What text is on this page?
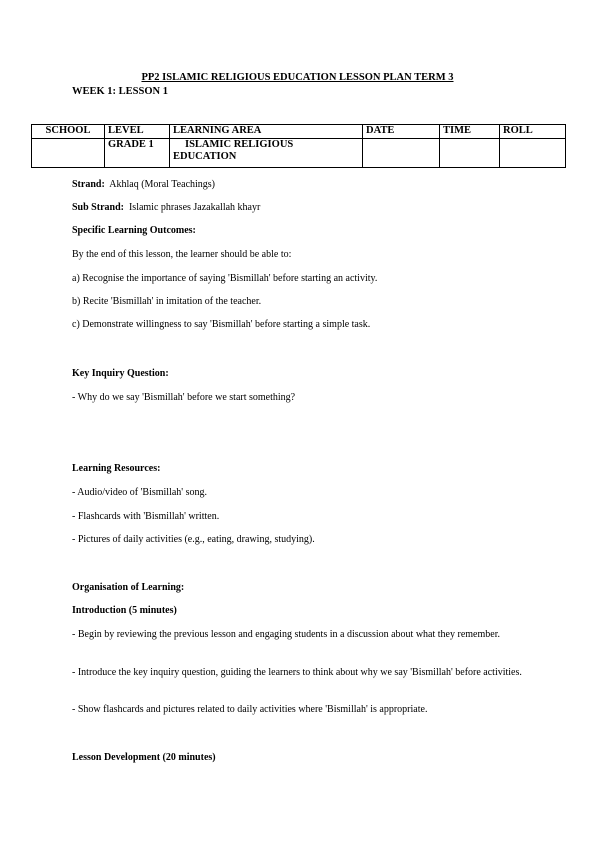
PP2 ISLAMIC RELIGIOUS EDUCATION LESSON PLAN TERM 3
WEEK 1: LESSON 1
SCHOOL	LEVEL	LEARNING AREA	DATE	TIME	ROLL
	GRADE 1	ISLAMIC RELIGIOUS EDUCATION			
Strand: Akhlaq (Moral Teachings)
Sub Strand: Islamic phrases Jazakallah khayr
Specific Learning Outcomes:
By the end of this lesson, the learner should be able to:
a) Recognise the importance of saying 'Bismillah' before starting an activity.
b) Recite 'Bismillah' in imitation of the teacher.
c) Demonstrate willingness to say 'Bismillah' before starting a simple task.
Key Inquiry Question:
- Why do we say 'Bismillah' before we start something?
Learning Resources:
- Audio/video of 'Bismillah' song.
- Flashcards with 'Bismillah' written.
- Pictures of daily activities (e.g., eating, drawing, studying).
Organisation of Learning:
Introduction (5 minutes)
- Begin by reviewing the previous lesson and engaging students in a discussion about what they remember.
- Introduce the key inquiry question, guiding the learners to think about why we say 'Bismillah' before activities.
- Show flashcards and pictures related to daily activities where 'Bismillah' is appropriate.
Lesson Development (20 minutes)
